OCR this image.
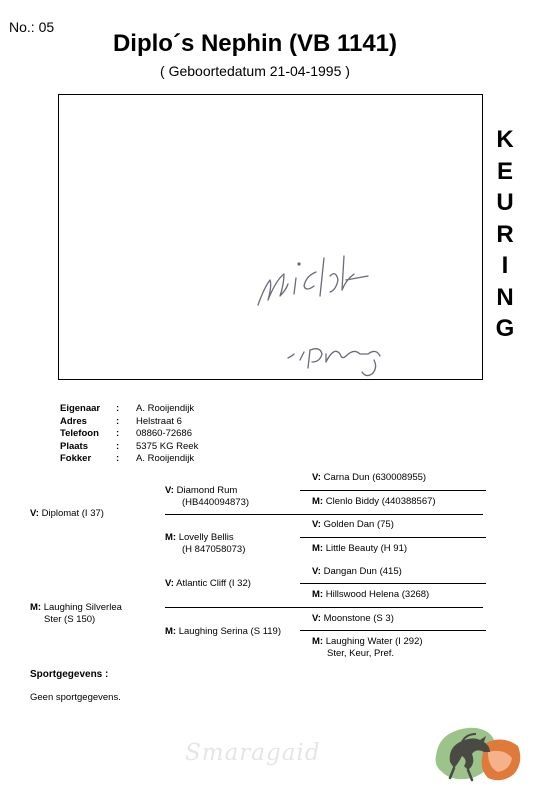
No.: 05
Diplo´s Nephin (VB 1141)
( Geboortedatum 21-04-1995 )
K
E
U
R
I
N
G
Eigenaar : A. Rooijendijk
Adres	: Helstraat 6
Telefoon : 08860-72686
Plaats	: 5375 KG Reek
Fokker	: A. Rooijendijk
V: Diplomat (I 37)
M: Laughing Silverlea
Ster (S 150)
V: Diamond Rum
(HB440094873)
M: Lovelly Bellis
(H 847058073)
V: Atlantic Cliff (I 32)
M: Laughing Serina (S 119)
V: Carna Dun (630008955)
M: Clenlo Biddy (440388567)
V: Golden Dan (75)
M: Little Beauty (H 91)
V: Dangan Dun (415)
M: Hillswood Helena (3268)
V: Moonstone (S 3)
M: Laughing Water (I 292)
Ster, Keur, Pref.
Sportgegevens :
Geen sportgegevens.
Smaragaid
